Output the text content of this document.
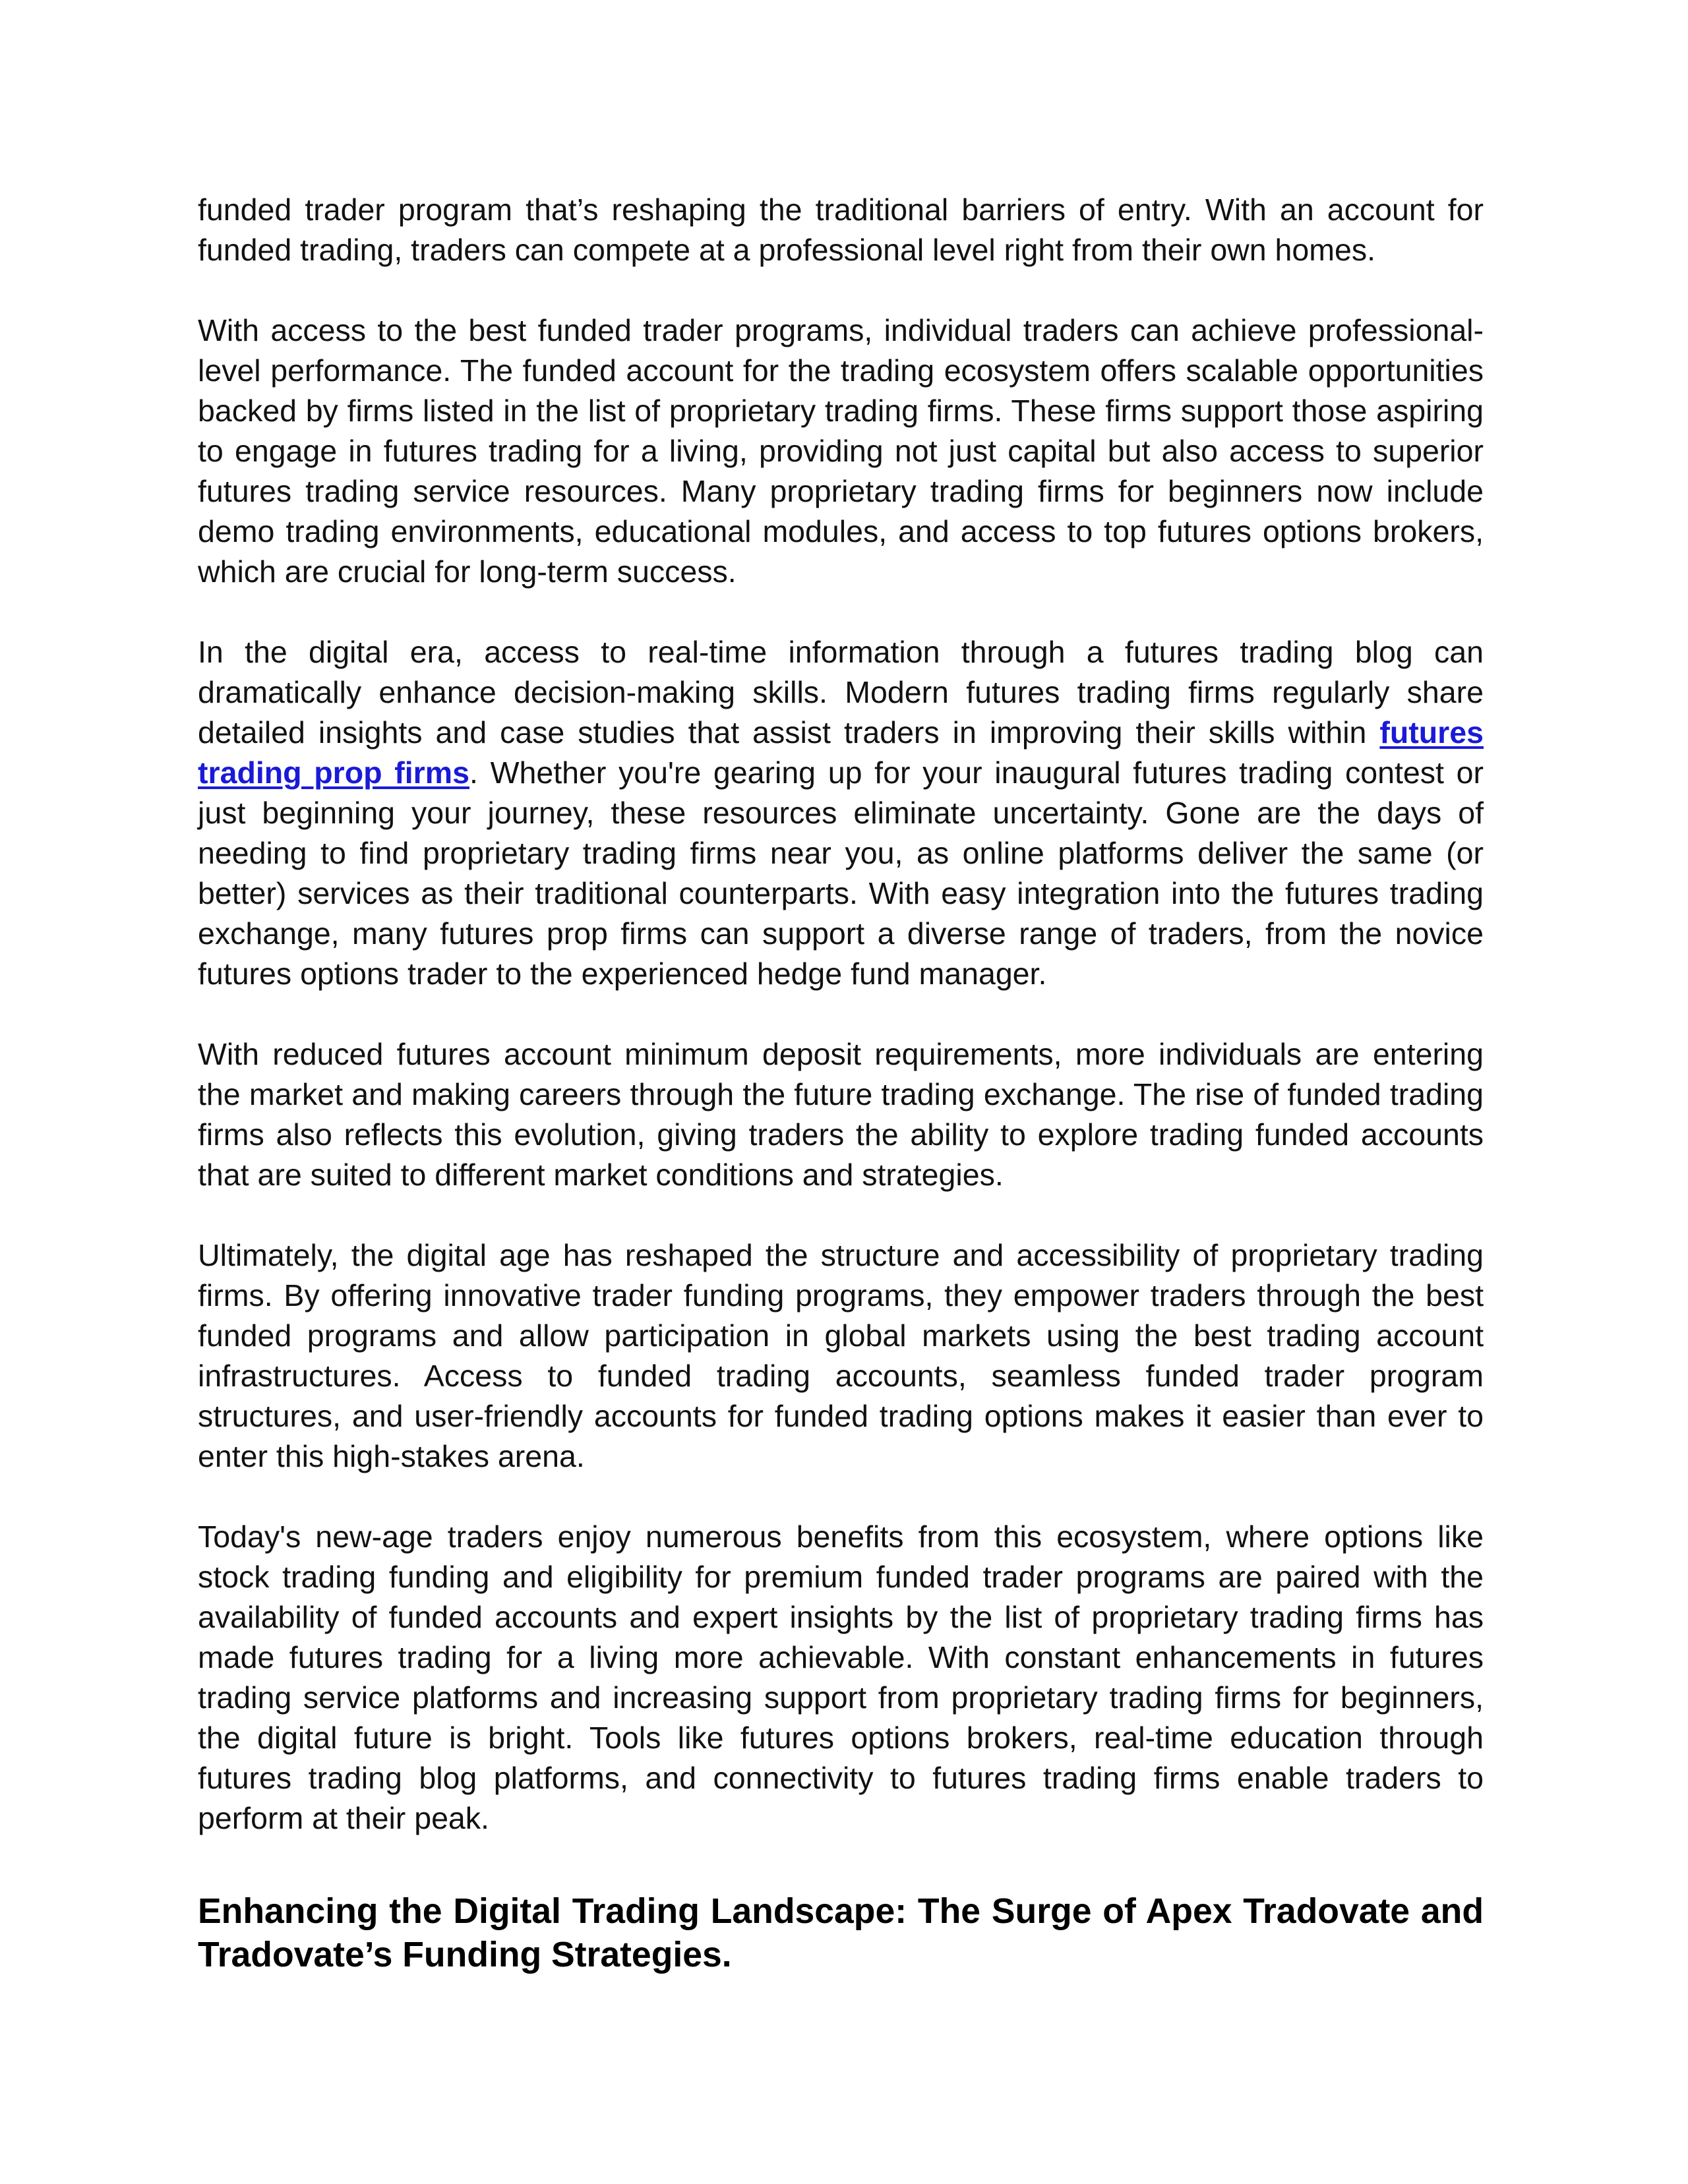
funded trader program that’s reshaping the traditional barriers of entry. With an account for funded trading, traders can compete at a professional level right from their own homes.

With access to the best funded trader programs, individual traders can achieve professional-level performance. The funded account for the trading ecosystem offers scalable opportunities backed by firms listed in the list of proprietary trading firms. These firms support those aspiring to engage in futures trading for a living, providing not just capital but also access to superior futures trading service resources. Many proprietary trading firms for beginners now include demo trading environments, educational modules, and access to top futures options brokers, which are crucial for long-term success.

In the digital era, access to real-time information through a futures trading blog can dramatically enhance decision-making skills. Modern futures trading firms regularly share detailed insights and case studies that assist traders in improving their skills within futures trading prop firms. Whether you're gearing up for your inaugural futures trading contest or just beginning your journey, these resources eliminate uncertainty. Gone are the days of needing to find proprietary trading firms near you, as online platforms deliver the same (or better) services as their traditional counterparts. With easy integration into the futures trading exchange, many futures prop firms can support a diverse range of traders, from the novice futures options trader to the experienced hedge fund manager.

With reduced futures account minimum deposit requirements, more individuals are entering the market and making careers through the future trading exchange. The rise of funded trading firms also reflects this evolution, giving traders the ability to explore trading funded accounts that are suited to different market conditions and strategies.

Ultimately, the digital age has reshaped the structure and accessibility of proprietary trading firms. By offering innovative trader funding programs, they empower traders through the best funded programs and allow participation in global markets using the best trading account infrastructures. Access to funded trading accounts, seamless funded trader program structures, and user-friendly accounts for funded trading options makes it easier than ever to enter this high-stakes arena.

Today's new-age traders enjoy numerous benefits from this ecosystem, where options like stock trading funding and eligibility for premium funded trader programs are paired with the availability of funded accounts and expert insights by the list of proprietary trading firms has made futures trading for a living more achievable. With constant enhancements in futures trading service platforms and increasing support from proprietary trading firms for beginners, the digital future is bright. Tools like futures options brokers, real-time education through futures trading blog platforms, and connectivity to futures trading firms enable traders to perform at their peak.

Enhancing the Digital Trading Landscape: The Surge of Apex Tradovate and Tradovate’s Funding Strategies.
